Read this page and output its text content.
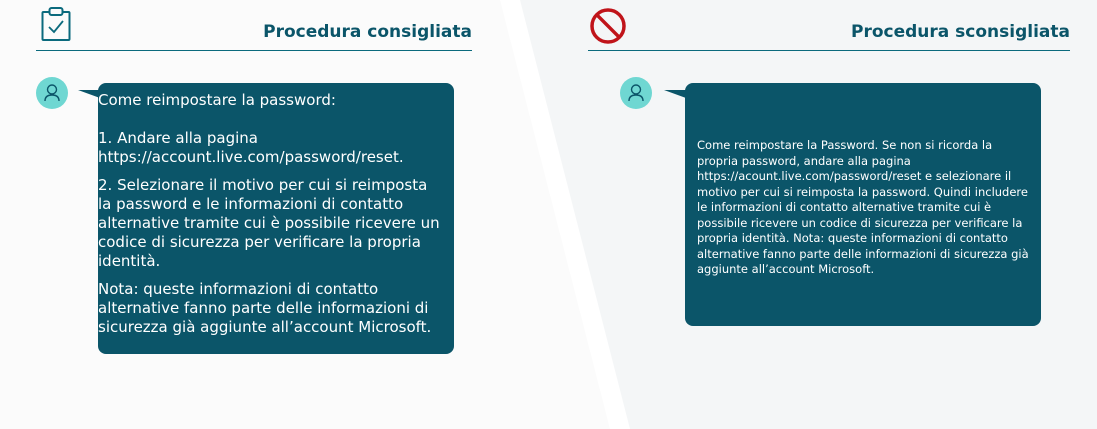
Procedura consigliata

Come reimpostare la password:

1. Andare alla pagina https://account.live.com/password/reset.

2. Selezionare il motivo per cui si reimposta la password e le informazioni di contatto alternative tramite cui è possibile ricevere un codice di sicurezza per verificare la propria identità.

Nota: queste informazioni di contatto alternative fanno parte delle informazioni di sicurezza già aggiunte all’account Microsoft.

Procedura sconsigliata

Come reimpostare la Password. Se non si ricorda la propria password, andare alla pagina https://acount.live.com/password/reset e selezionare il motivo per cui si reimposta la password. Quindi includere le informazioni di contatto alternative tramite cui è possibile ricevere un codice di sicurezza per verificare la propria identità. Nota: queste informazioni di contatto alternative fanno parte delle informazioni di sicurezza già aggiunte all’account Microsoft.
